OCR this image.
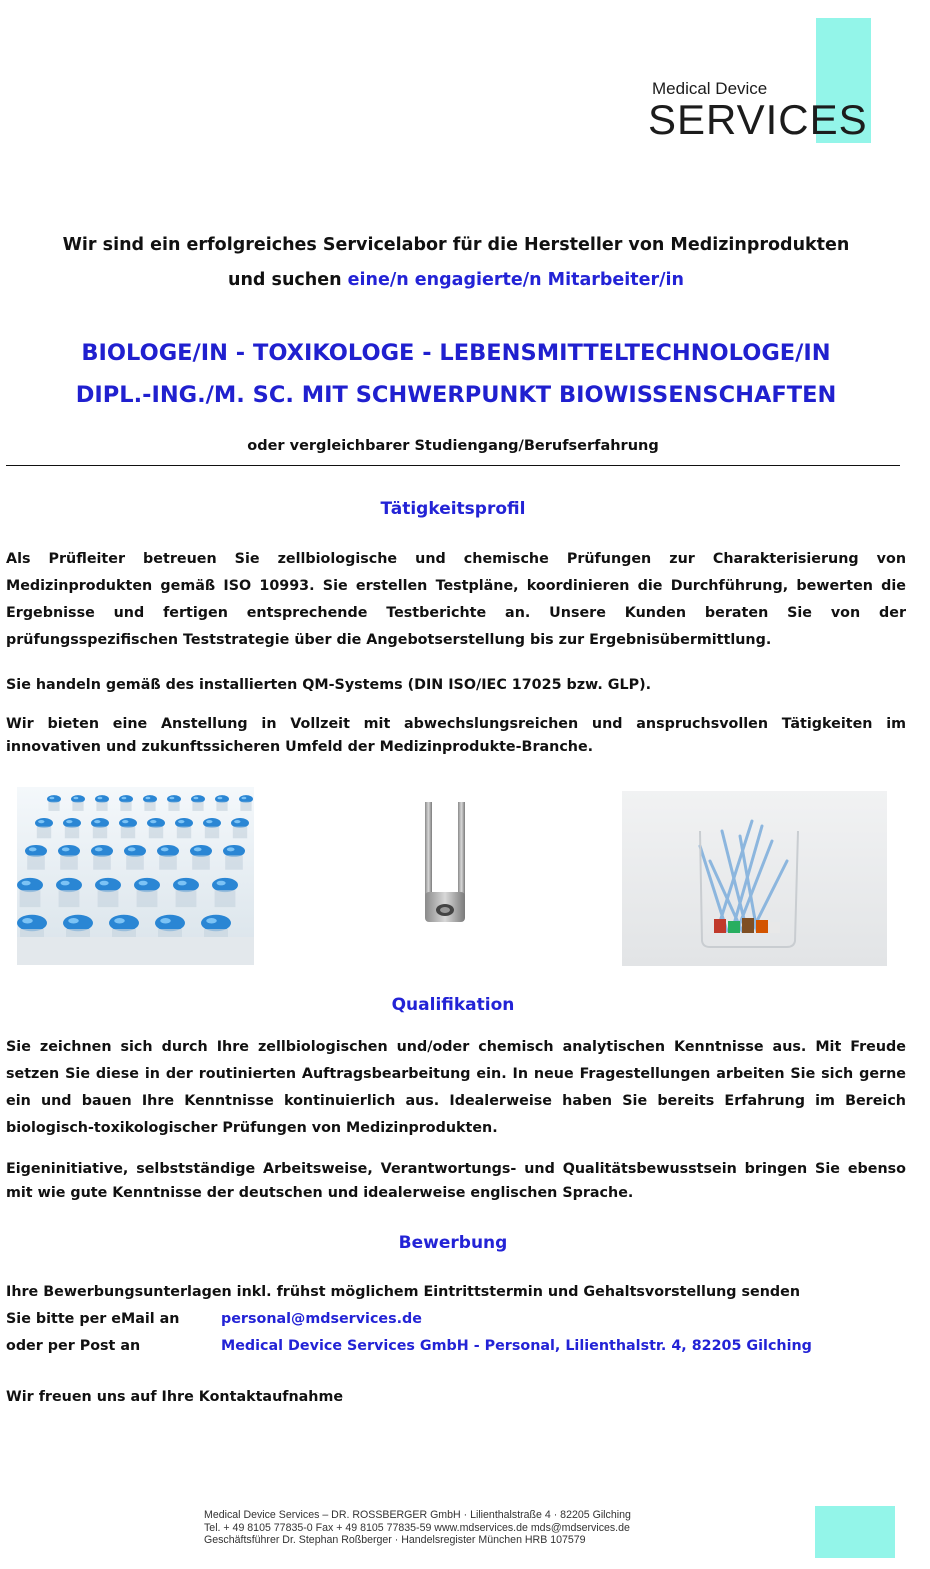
Medical Device
SERVICES
Wir sind ein erfolgreiches Servicelabor für die Hersteller von Medizinprodukten
und suchen eine/n engagierte/n Mitarbeiter/in
BIOLOGE/IN - TOXIKOLOGE - LEBENSMITTELTECHNOLOGE/IN
DIPL.-ING./M. SC. MIT SCHWERPUNKT BIOWISSENSCHAFTEN
oder vergleichbarer Studiengang/Berufserfahrung
Tätigkeitsprofil

Als Prüfleiter betreuen Sie zellbiologische und chemische Prüfungen zur Charakterisierung von Medizinprodukten gemäß ISO 10993. Sie erstellen Testpläne, koordinieren die Durchführung, bewerten die Ergebnisse und fertigen entsprechende Testberichte an. Unsere Kunden beraten Sie von der prüfungsspezifischen Teststrategie über die Angebotserstellung bis zur Ergebnisübermittlung.

Sie handeln gemäß des installierten QM-Systems (DIN ISO/IEC 17025 bzw. GLP).

Wir bieten eine Anstellung in Vollzeit mit abwechslungsreichen und anspruchsvollen Tätigkeiten im innovativen und zukunftssicheren Umfeld der Medizinprodukte-Branche.

Qualifikation

Sie zeichnen sich durch Ihre zellbiologischen und/oder chemisch analytischen Kenntnisse aus. Mit Freude setzen Sie diese in der routinierten Auftragsbearbeitung ein. In neue Fragestellungen arbeiten Sie sich gerne ein und bauen Ihre Kenntnisse kontinuierlich aus. Idealerweise haben Sie bereits Erfahrung im Bereich biologisch-toxikologischer Prüfungen von Medizinprodukten.

Eigeninitiative, selbstständige Arbeitsweise, Verantwortungs- und Qualitätsbewusstsein bringen Sie ebenso mit wie gute Kenntnisse der deutschen und idealerweise englischen Sprache.

Bewerbung

Ihre Bewerbungsunterlagen inkl. frühst möglichem Eintrittstermin und Gehaltsvorstellung senden

Sie bitte per eMail an	personal@mdservices.de
oder per Post an	Medical Device Services GmbH - Personal, Lilienthalstr. 4, 82205 Gilching
Wir freuen uns auf Ihre Kontaktaufnahme
Medical Device Services – DR. ROSSBERGER GmbH · Lilienthalstraße 4 · 82205 Gilching
Tel. + 49 8105 77835-0 Fax + 49 8105 77835-59 www.mdservices.de mds@mdservices.de
Geschäftsführer Dr. Stephan Roßberger · Handelsregister München HRB 107579
